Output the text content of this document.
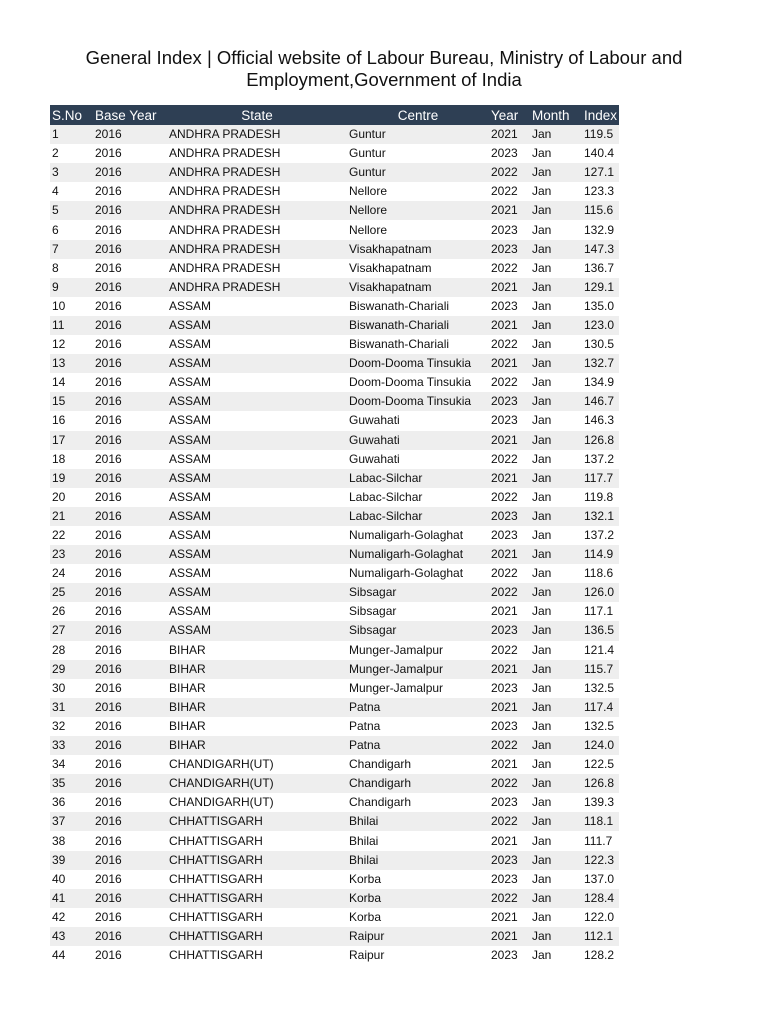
General Index | Official website of Labour Bureau, Ministry of Labour and
Employment,Government of India
S.No	Base Year	State	Centre	Year	Month	Index
1	2016	ANDHRA PRADESH	Guntur	2021	Jan	119.5
2	2016	ANDHRA PRADESH	Guntur	2023	Jan	140.4
3	2016	ANDHRA PRADESH	Guntur	2022	Jan	127.1
4	2016	ANDHRA PRADESH	Nellore	2022	Jan	123.3
5	2016	ANDHRA PRADESH	Nellore	2021	Jan	115.6
6	2016	ANDHRA PRADESH	Nellore	2023	Jan	132.9
7	2016	ANDHRA PRADESH	Visakhapatnam	2023	Jan	147.3
8	2016	ANDHRA PRADESH	Visakhapatnam	2022	Jan	136.7
9	2016	ANDHRA PRADESH	Visakhapatnam	2021	Jan	129.1
10	2016	ASSAM	Biswanath-Chariali	2023	Jan	135.0
11	2016	ASSAM	Biswanath-Chariali	2021	Jan	123.0
12	2016	ASSAM	Biswanath-Chariali	2022	Jan	130.5
13	2016	ASSAM	Doom-Dooma Tinsukia	2021	Jan	132.7
14	2016	ASSAM	Doom-Dooma Tinsukia	2022	Jan	134.9
15	2016	ASSAM	Doom-Dooma Tinsukia	2023	Jan	146.7
16	2016	ASSAM	Guwahati	2023	Jan	146.3
17	2016	ASSAM	Guwahati	2021	Jan	126.8
18	2016	ASSAM	Guwahati	2022	Jan	137.2
19	2016	ASSAM	Labac-Silchar	2021	Jan	117.7
20	2016	ASSAM	Labac-Silchar	2022	Jan	119.8
21	2016	ASSAM	Labac-Silchar	2023	Jan	132.1
22	2016	ASSAM	Numaligarh-Golaghat	2023	Jan	137.2
23	2016	ASSAM	Numaligarh-Golaghat	2021	Jan	114.9
24	2016	ASSAM	Numaligarh-Golaghat	2022	Jan	118.6
25	2016	ASSAM	Sibsagar	2022	Jan	126.0
26	2016	ASSAM	Sibsagar	2021	Jan	117.1
27	2016	ASSAM	Sibsagar	2023	Jan	136.5
28	2016	BIHAR	Munger-Jamalpur	2022	Jan	121.4
29	2016	BIHAR	Munger-Jamalpur	2021	Jan	115.7
30	2016	BIHAR	Munger-Jamalpur	2023	Jan	132.5
31	2016	BIHAR	Patna	2021	Jan	117.4
32	2016	BIHAR	Patna	2023	Jan	132.5
33	2016	BIHAR	Patna	2022	Jan	124.0
34	2016	CHANDIGARH(UT)	Chandigarh	2021	Jan	122.5
35	2016	CHANDIGARH(UT)	Chandigarh	2022	Jan	126.8
36	2016	CHANDIGARH(UT)	Chandigarh	2023	Jan	139.3
37	2016	CHHATTISGARH	Bhilai	2022	Jan	118.1
38	2016	CHHATTISGARH	Bhilai	2021	Jan	111.7
39	2016	CHHATTISGARH	Bhilai	2023	Jan	122.3
40	2016	CHHATTISGARH	Korba	2023	Jan	137.0
41	2016	CHHATTISGARH	Korba	2022	Jan	128.4
42	2016	CHHATTISGARH	Korba	2021	Jan	122.0
43	2016	CHHATTISGARH	Raipur	2021	Jan	112.1
44	2016	CHHATTISGARH	Raipur	2023	Jan	128.2
